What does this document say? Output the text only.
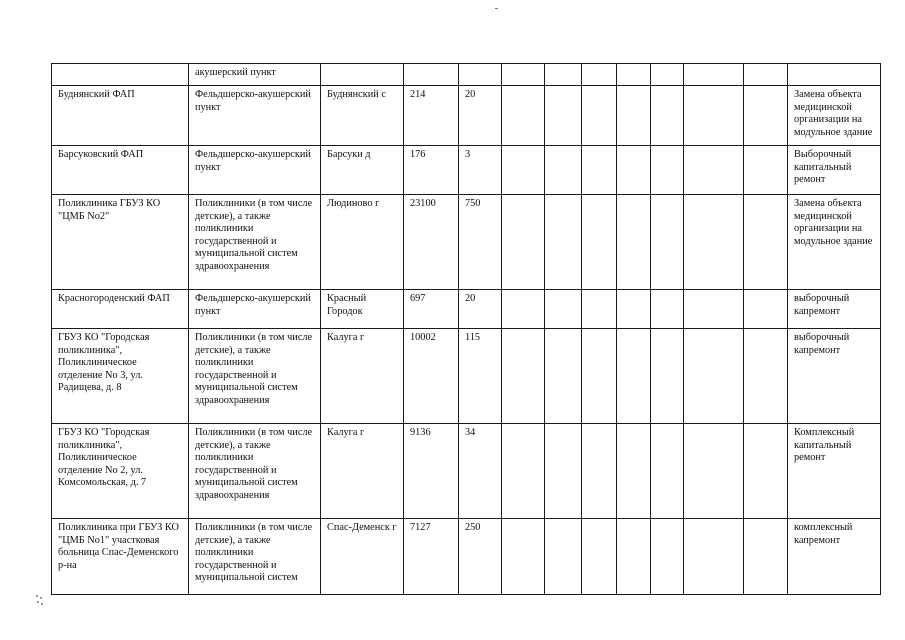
	акушерский пункт											
Буднянский ФАП	Фельдшерско-акушерский пункт	Буднянский с	214	20								Замена объекта медицинской организации на модульное здание
Барсуковский ФАП	Фельдшерско-акушерский пункт	Барсуки д	176	3								Выборочный капитальный ремонт
Поликлиника ГБУЗ КО "ЦМБ No2"	Поликлиники (в том числе детские), а также поликлиники государственной и муниципальной систем здравоохранения	Людиново г	23100	750								Замена объекта медицинской организации на модульное здание
Красногороденский ФАП	Фельдшерско-акушерский пункт	Красный Городок	697	20								выборочный капремонт
ГБУЗ КО "Городская поликлиника", Поликлиническое отделение No 3, ул. Радищева, д. 8	Поликлиники (в том числе детские), а также поликлиники государственной и муниципальной систем здравоохранения	Калуга г	10002	115								выборочный капремонт
ГБУЗ КО "Городская поликлиника", Поликлиническое отделение No 2, ул. Комсомольская, д. 7	Поликлиники (в том числе детские), а также поликлиники государственной и муниципальной систем здравоохранения	Калуга г	9136	34								Комплексный капитальный ремонт
Поликлиника при ГБУЗ КО "ЦМБ No1" участковая больница Спас-Деменского р-на	Поликлиники (в том числе детские), а также поликлиники государственной и муниципальной систем	Спас-Деменск г	7127	250								комплексный капремонт
